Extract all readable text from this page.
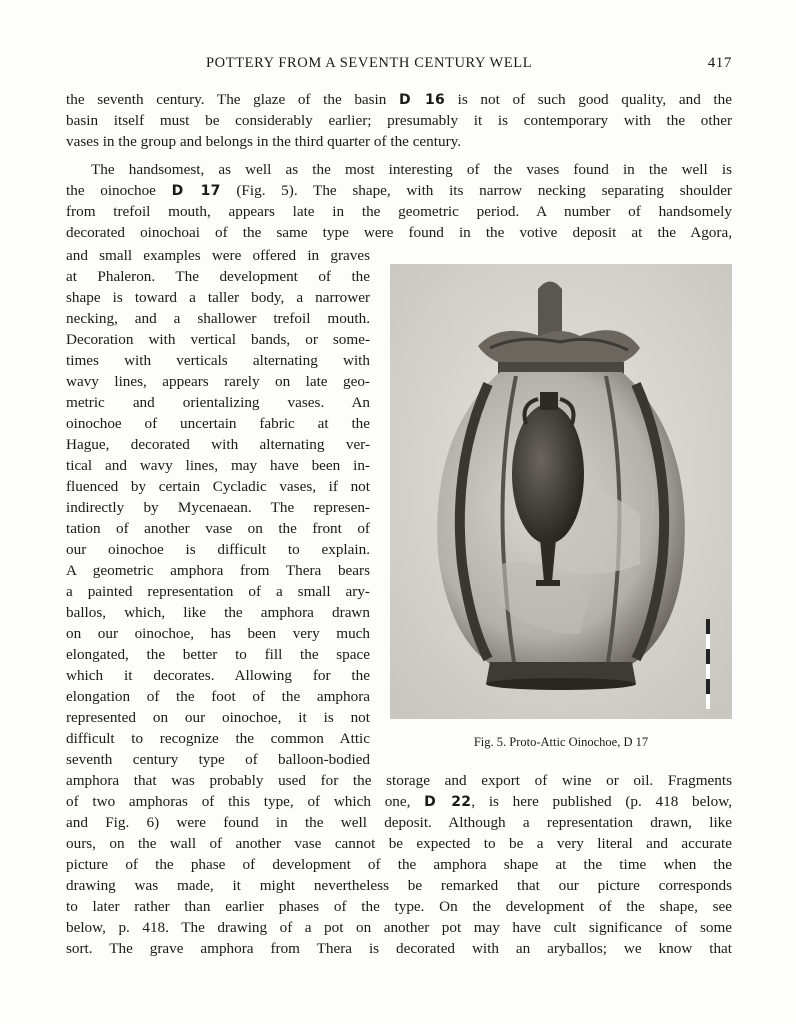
POTTERY FROM A SEVENTH CENTURY WELL	417
the seventh century. The glaze of the basin D 16 is not of such good quality, and the
basin itself must be considerably earlier; presumably it is contemporary with the other
vases in the group and belongs in the third quarter of the century.
The handsomest, as well as the most interesting of the vases found in the well is
the oinochoe D 17 (Fig. 5). The shape, with its narrow necking separating shoulder
from trefoil mouth, appears late in the geometric period. A number of handsomely
decorated oinochoai of the same type were found in the votive deposit at the Agora,
and small examples were offered in graves
at Phaleron. The development of the
shape is toward a taller body, a narrower
necking, and a shallower trefoil mouth.
Decoration with vertical bands, or some-
times with verticals alternating with
wavy lines, appears rarely on late geo-
metric and orientalizing vases. An
oinochoe of uncertain fabric at the
Hague, decorated with alternating ver-
tical and wavy lines, may have been in-
fluenced by certain Cycladic vases, if not
indirectly by Mycenaean. The represen-
tation of another vase on the front of
our oinochoe is difficult to explain.
A geometric amphora from Thera bears
a painted representation of a small ary-
ballos, which, like the amphora drawn
on our oinochoe, has been very much
elongated, the better to fill the space
which it decorates. Allowing for the
elongation of the foot of the amphora
represented on our oinochoe, it is not
difficult to recognize the common Attic
seventh century type of balloon-bodied
Fig. 5. Proto-Attic Oinochoe, D 17
amphora that was probably used for the storage and export of wine or oil. Fragments
of two amphoras of this type, of which one, D 22, is here published (p. 418 below,
and Fig. 6) were found in the well deposit. Although a representation drawn, like
ours, on the wall of another vase cannot be expected to be a very literal and accurate
picture of the phase of development of the amphora shape at the time when the
drawing was made, it might nevertheless be remarked that our picture corresponds
to later rather than earlier phases of the type. On the development of the shape, see
below, p. 418. The drawing of a pot on another pot may have cult significance of some
sort. The grave amphora from Thera is decorated with an aryballos; we know that
